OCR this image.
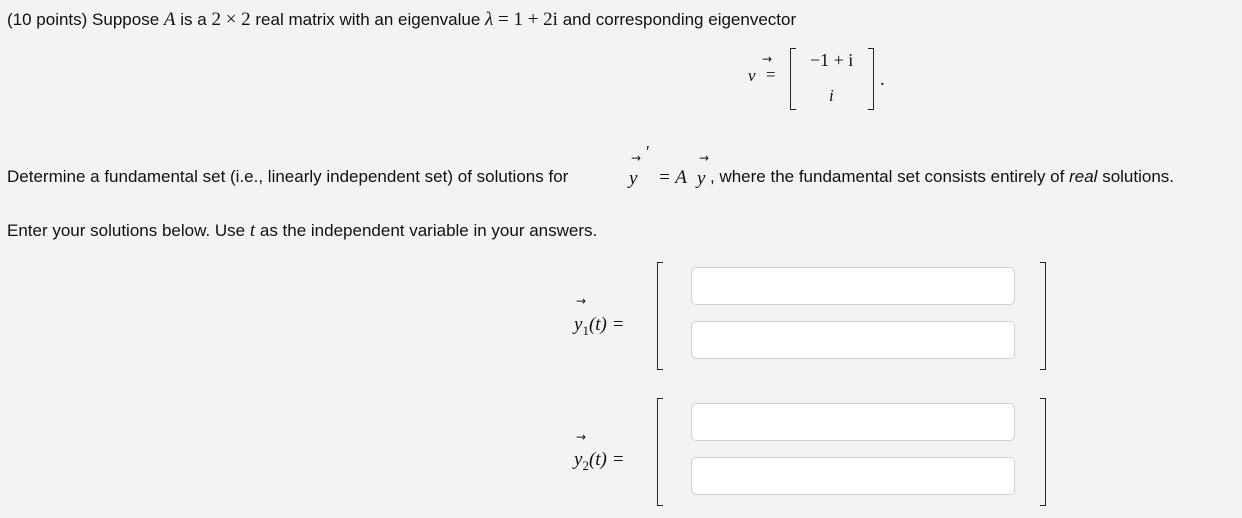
(10 points) Suppose A is a 2 × 2 real matrix with an eigenvalue λ = 1 + 2i and corresponding eigenvector
→
v =
−1 + i
i
.
Determine a fundamental set (i.e., linearly independent set) of solutions for
→ ′
y = A
→
y , where the fundamental set consists entirely of real solutions.
Enter your solutions below. Use t as the independent variable in your answers.
→
$y_1(t)$ =
→
$y_2(t)$ =
